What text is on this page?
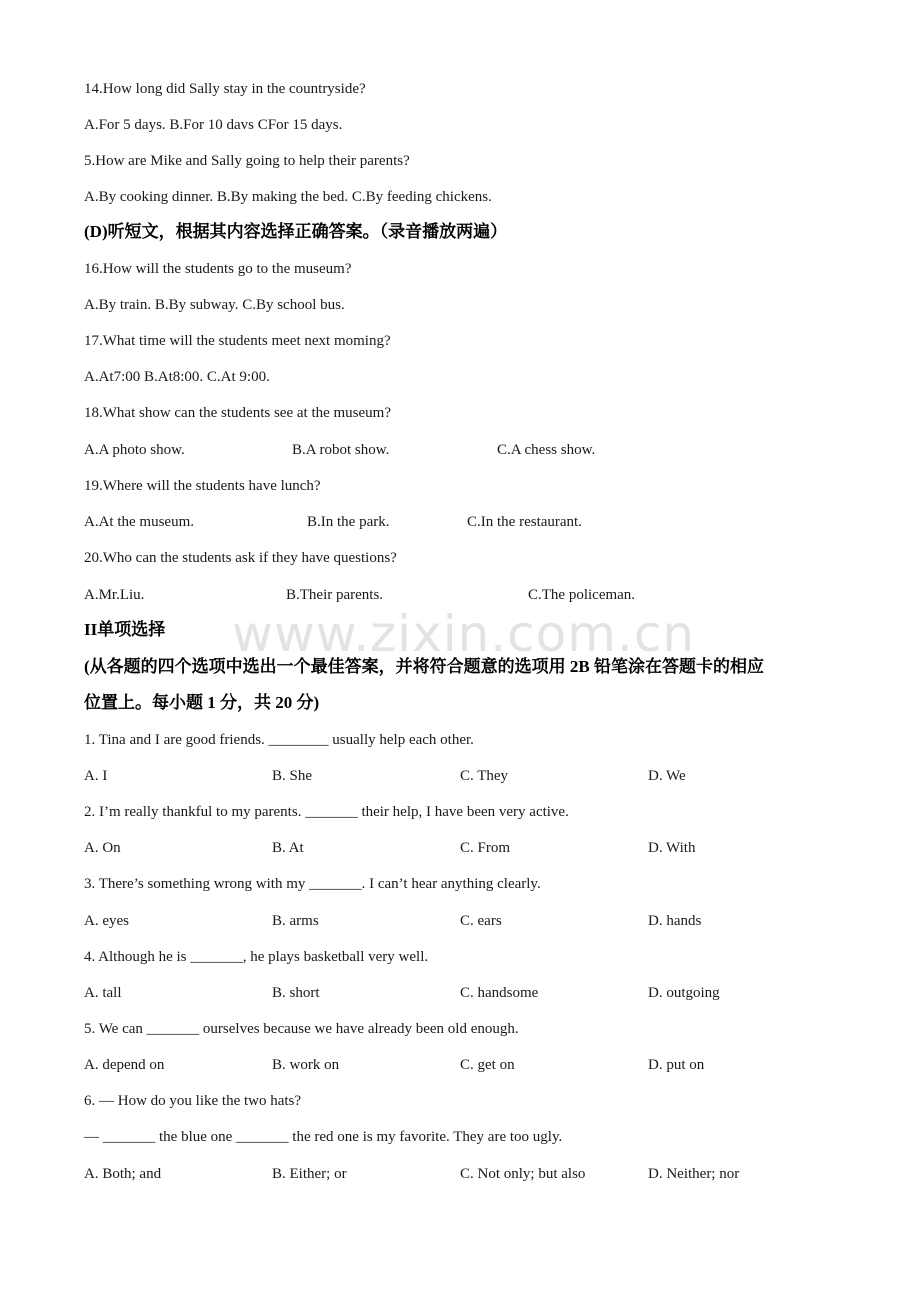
www.zixin.com.cn
14.How long did Sally stay in the countryside?
A.For 5 days. B.For 10 davs CFor 15 days.
5.How are Mike and Sally going to help their parents?
A.By cooking dinner. B.By making the bed. C.By feeding chickens.
(D)听短文，根据其内容选择正确答案。（录音播放两遍）
16.How will the students go to the museum?
A.By train. B.By subway. C.By school bus.
17.What time will the students meet next moming?
A.At7:00 B.At8:00. C.At 9:00.
18.What show can the students see at the museum?
A.A photo show.	B.A robot show.	C.A chess show.
19.Where will the students have lunch?
A.At the museum.	B.In the park.	C.In the restaurant.
20.Who can the students ask if they have questions?
A.Mr.Liu.	B.Their parents.	C.The policeman.
II单项选择
(从各题的四个选项中选出一个最佳答案，并将符合题意的选项用 2B 铅笔涂在答题卡的相应
位置上。每小题 1 分，共 20 分)
1. Tina and I are good friends. ________ usually help each other.
A. I	B. She	C. They	D. We
2. I’m really thankful to my parents. _______ their help, I have been very active.
A. On	B. At	C. From	D. With
3. There’s something wrong with my _______. I can’t hear anything clearly.
A. eyes	B. arms	C. ears	D. hands
4. Although he is _______, he plays basketball very well.
A. tall	B. short	C. handsome	D. outgoing
5. We can _______ ourselves because we have already been old enough.
A. depend on	B. work on	C. get on	D. put on
6. — How do you like the two hats?
— _______ the blue one _______ the red one is my favorite. They are too ugly.
A. Both; and	B. Either; or	C. Not only; but also	D. Neither; nor
